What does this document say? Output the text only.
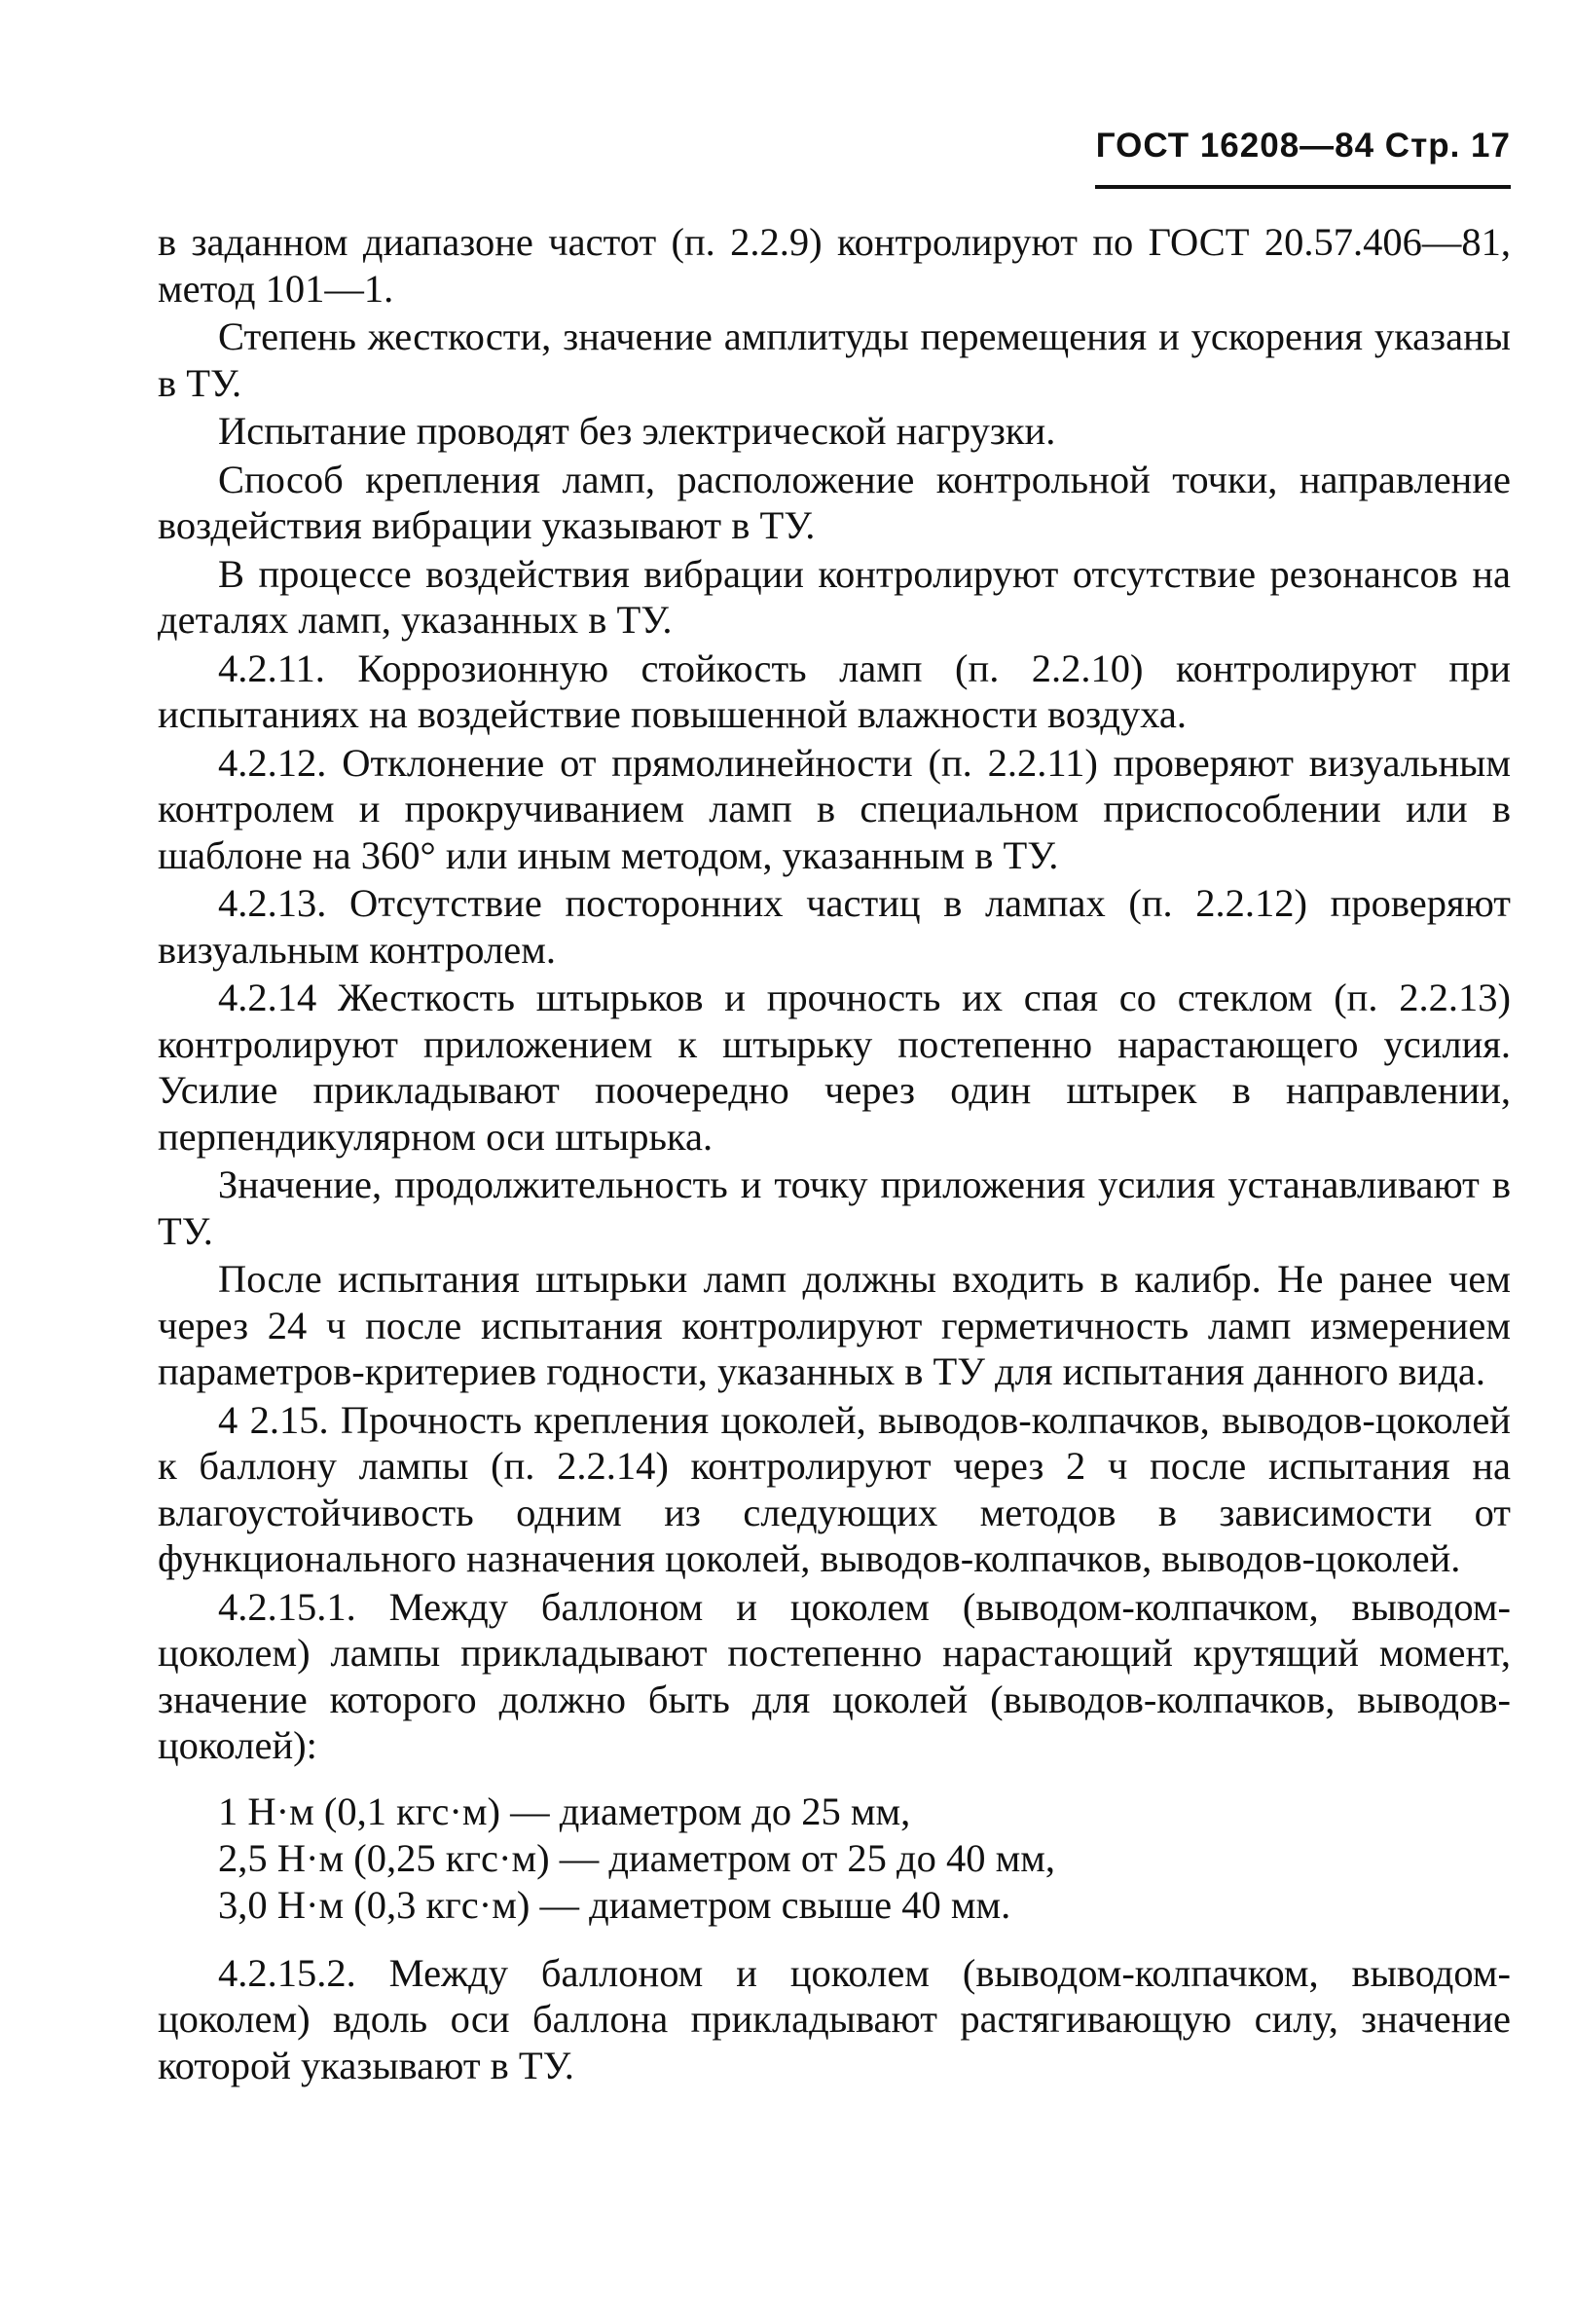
ГОСТ 16208—84 Стр. 17

в заданном диапазоне частот (п. 2.2.9) контролируют по ГОСТ 20.57.406—81, метод 101—1.

Степень жесткости, значение амплитуды перемещения и ускорения указаны в ТУ.

Испытание проводят без электрической нагрузки.

Способ крепления ламп, расположение контрольной точки, направление воздействия вибрации указывают в ТУ.

В процессе воздействия вибрации контролируют отсутствие резонансов на деталях ламп, указанных в ТУ.

4.2.11. Коррозионную стойкость ламп (п. 2.2.10) контролируют при испытаниях на воздействие повышенной влажности воздуха.

4.2.12. Отклонение от прямолинейности (п. 2.2.11) проверяют визуальным контролем и прокручиванием ламп в специальном приспособлении или в шаблоне на 360° или иным методом, указанным в ТУ.

4.2.13. Отсутствие посторонних частиц в лампах (п. 2.2.12) проверяют визуальным контролем.

4.2.14 Жесткость штырьков и прочность их спая со стеклом (п. 2.2.13) контролируют приложением к штырьку постепенно нарастающего усилия. Усилие прикладывают поочередно через один штырек в направлении, перпендикулярном оси штырька.

Значение, продолжительность и точку приложения усилия устанавливают в ТУ.

После испытания штырьки ламп должны входить в калибр. Не ранее чем через 24 ч после испытания контролируют герметичность ламп измерением параметров-критериев годности, указанных в ТУ для испытания данного вида.

4 2.15. Прочность крепления цоколей, выводов-колпачков, выводов-цоколей к баллону лампы (п. 2.2.14) контролируют через 2 ч после испытания на влагоустойчивость одним из следующих методов в зависимости от функционального назначения цоколей, выводов-колпачков, выводов-цоколей.

4.2.15.1. Между баллоном и цоколем (выводом-колпачком, выводом-цоколем) лампы прикладывают постепенно нарастающий крутящий момент, значение которого должно быть для цоколей (выводов-колпачков, выводов-цоколей):

1 Н·м (0,1 кгс·м) — диаметром до 25 мм,
2,5 Н·м (0,25 кгс·м) — диаметром от 25 до 40 мм,
3,0 Н·м (0,3 кгс·м) — диаметром свыше 40 мм.

4.2.15.2. Между баллоном и цоколем (выводом-колпачком, выводом-цоколем) вдоль оси баллона прикладывают растягивающую силу, значение которой указывают в ТУ.
